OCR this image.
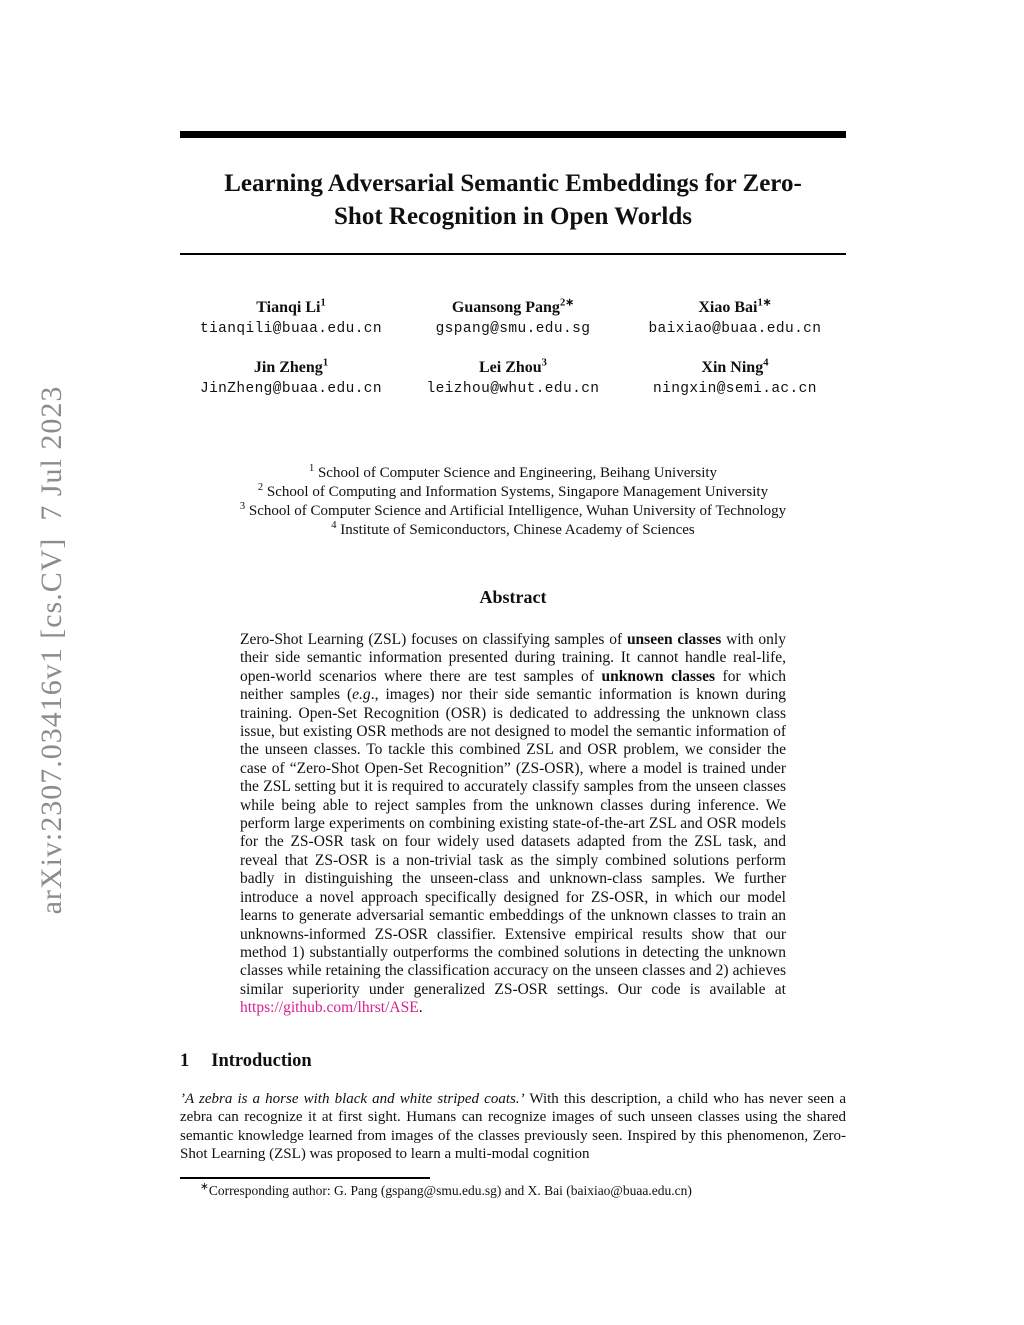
arXiv:2307.03416v1 [cs.CV]  7 Jul 2023
Learning Adversarial Semantic Embeddings for Zero-Shot Recognition in Open Worlds
Tianqi Li$^1$
tianqili@buaa.edu.cn
Guansong Pang$^{2∗}$
gspang@smu.edu.sg
Xiao Bai$^{1∗}$
baixiao@buaa.edu.cn
Jin Zheng$^1$
JinZheng@buaa.edu.cn
Lei Zhou$^3$
leizhou@whut.edu.cn
Xin Ning$^4$
ningxin@semi.ac.cn
$^1$ School of Computer Science and Engineering, Beihang University
$^2$ School of Computing and Information Systems, Singapore Management University
$^3$ School of Computer Science and Artificial Intelligence, Wuhan University of Technology
$^4$ Institute of Semiconductors, Chinese Academy of Sciences
Abstract
Zero-Shot Learning (ZSL) focuses on classifying samples of unseen classes with only their side semantic information presented during training. It cannot handle real-life, open-world scenarios where there are test samples of unknown classes for which neither samples (e.g., images) nor their side semantic information is known during training. Open-Set Recognition (OSR) is dedicated to addressing the unknown class issue, but existing OSR methods are not designed to model the semantic information of the unseen classes. To tackle this combined ZSL and OSR problem, we consider the case of “Zero-Shot Open-Set Recognition” (ZS-OSR), where a model is trained under the ZSL setting but it is required to accurately classify samples from the unseen classes while being able to reject samples from the unknown classes during inference. We perform large experiments on combining existing state-of-the-art ZSL and OSR models for the ZS-OSR task on four widely used datasets adapted from the ZSL task, and reveal that ZS-OSR is a non-trivial task as the simply combined solutions perform badly in distinguishing the unseen-class and unknown-class samples. We further introduce a novel approach specifically designed for ZS-OSR, in which our model learns to generate adversarial semantic embeddings of the unknown classes to train an unknowns-informed ZS-OSR classifier. Extensive empirical results show that our method 1) substantially outperforms the combined solutions in detecting the unknown classes while retaining the classification accuracy on the unseen classes and 2) achieves similar superiority under generalized ZS-OSR settings. Our code is available at https://github.com/lhrst/ASE.
1 Introduction
’A zebra is a horse with black and white striped coats.’ With this description, a child who has never seen a zebra can recognize it at first sight. Humans can recognize images of such unseen classes using the shared semantic knowledge learned from images of the classes previously seen. Inspired by this phenomenon, Zero-Shot Learning (ZSL) was proposed to learn a multi-modal cognition
∗Corresponding author: G. Pang (gspang@smu.edu.sg) and X. Bai (baixiao@buaa.edu.cn)
